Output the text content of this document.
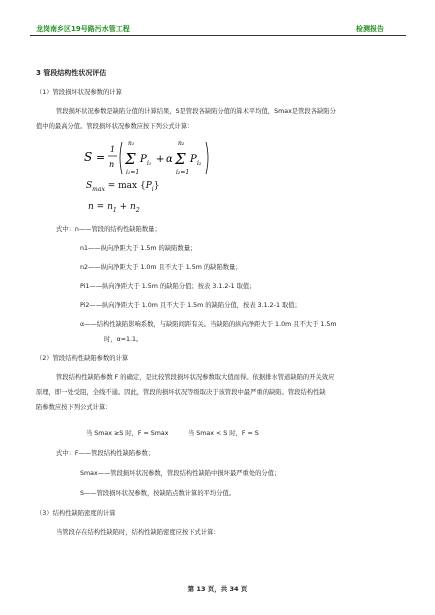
龙岗南乡区19号路污水管工程	检测报告
3 管段结构性状况评估
（1）管段损坏状况参数的计算
管段损坏状况参数是缺陷分值的计算结果，S是管段各缺陷分值的算术平均值，Smax是管段各缺陷分
值中的最高分值。管段损坏状况参数应按下列公式计算：
S =
1
n
n₁
Σ
i₁=1
P i₁ + α
n₂
Σ
i₂=1
P i₂
$S_{max} = \max \{P_i\}$
$n = n_1 + n_2$
式中：n——管段的结构性缺陷数量；
n1——纵向净距大于 1.5m 的缺陷数量；
n2——纵向净距大于 1.0m 且不大于 1.5m 的缺陷数量；
Pi1——纵向净距大于 1.5m 的缺陷分值；按表 3.1.2-1 取值；
Pi2——纵向净距大于 1.0m 且不大于 1.5m 的缺陷分值，按表 3.1.2-1 取值；
α——结构性缺陷影响系数，与缺陷间距有关。当缺陷的纵向净距大于 1.0m 且不大于 1.5m
时，α=1.1。
（2）管段结构性缺陷参数的计算
管段结构性缺陷参数 F 的确定，是比较管段损坏状况参数取大值而得。依据排水管道缺陷的开关效应
原理，即一处受阻，全线不通。因此，管段的损坏状况等级取决于该管段中最严重的缺陷。管段结构性缺
陷参数应按下列公式计算：
当 Smax ≥S 时，F = Smax	当 Smax < S 时，F = S
式中：F——管段结构性缺陷参数；
Smax——管段损坏状况参数，管段结构性缺陷中损坏最严重处的分值；
S——管段损坏状况参数，按缺陷点数计算的平均分值。
（3）结构性缺陷密度的计算
当管段存在结构性缺陷时，结构性缺陷密度应按下式计算：
第 13 页，共 34 页
